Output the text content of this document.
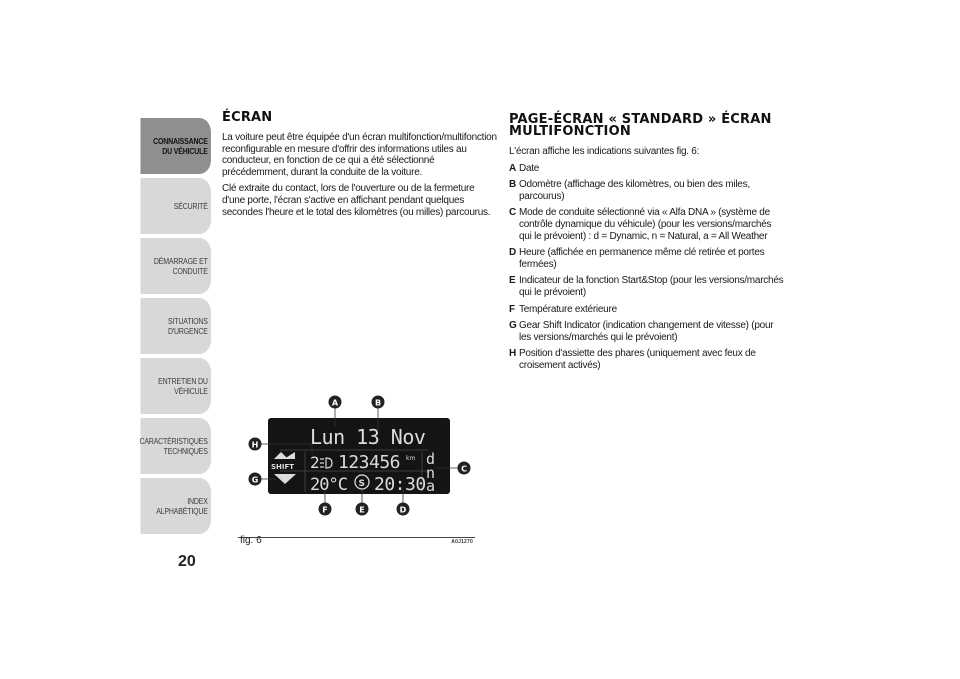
CONNAISSANCE
DU VÉHICULE
SÉCURITÉ
DÉMARRAGE ET
CONDUITE
SITUATIONS
D'URGENCE
ENTRETIEN DU
VÉHICULE
CARACTÉRISTIQUES
TECHNIQUES
INDEX
ALPHABÉTIQUE
20
ÉCRAN

La voiture peut être équipée d'un écran multifonction/multifonction reconfigurable en mesure d'offrir des informations utiles au conducteur, en fonction de ce qui a été sélectionné précédemment, durant la conduite de la voiture.

Clé extraite du contact, lors de l'ouverture ou de la fermeture d'une porte, l'écran s'active en affichant pendant quelques secondes l'heure et le total des kilomètres (ou milles) parcourus.

PAGE-ÉCRAN « STANDARD » ÉCRAN MULTIFONCTION

L'écran affiche les indications suivantes fig. 6:

A Date
B Odomètre (affichage des kilomètres, ou bien des miles, parcourus)
C Mode de conduite sélectionné via « Alfa DNA » (système de contrôle dynamique du véhicule) (pour les versions/marchés qui le prévoient) : d = Dynamic, n = Natural, a = All Weather
D Heure (affichée en permanence même clé retirée et portes fermées)
E Indicateur de la fonction Start&Stop (pour les versions/marchés qui le prévoient)
F Température extérieure
G Gear Shift Indicator (indication changement de vitesse) (pour les versions/marchés qui le prévoient)
H Position d'assiette des phares (uniquement avec feux de croisement activés)
Lun 13 Nov
2 123456 km d
n
a
SHIFT
20°C S 20:30
A	B
C
D
E
F
G
H
fig. 6	A0J1270
